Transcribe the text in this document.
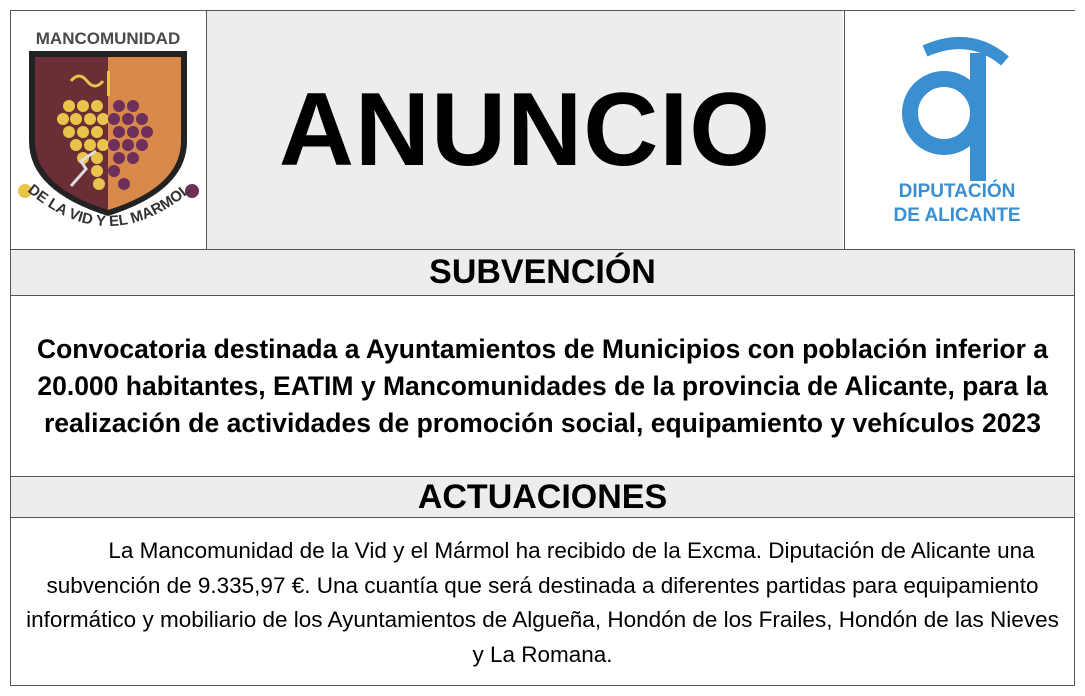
MANCOMUNIDAD
DE LA VID Y EL MARMOL
ANUNCIO
DIPUTACIÓN
DE ALICANTE
SUBVENCIÓN

Convocatoria destinada a Ayuntamientos de Municipios con población inferior a 20.000 habitantes, EATIM y Mancomunidades de la provincia de Alicante, para la realización de actividades de promoción social, equipamiento y vehículos 2023

ACTUACIONES

La Mancomunidad de la Vid y el Mármol ha recibido de la Excma. Diputación de Alicante una subvención de 9.335,97 €. Una cuantía que será destinada a diferentes partidas para equipamiento informático y mobiliario de los Ayuntamientos de Algueña, Hondón de los Frailes, Hondón de las Nieves y La Romana.
